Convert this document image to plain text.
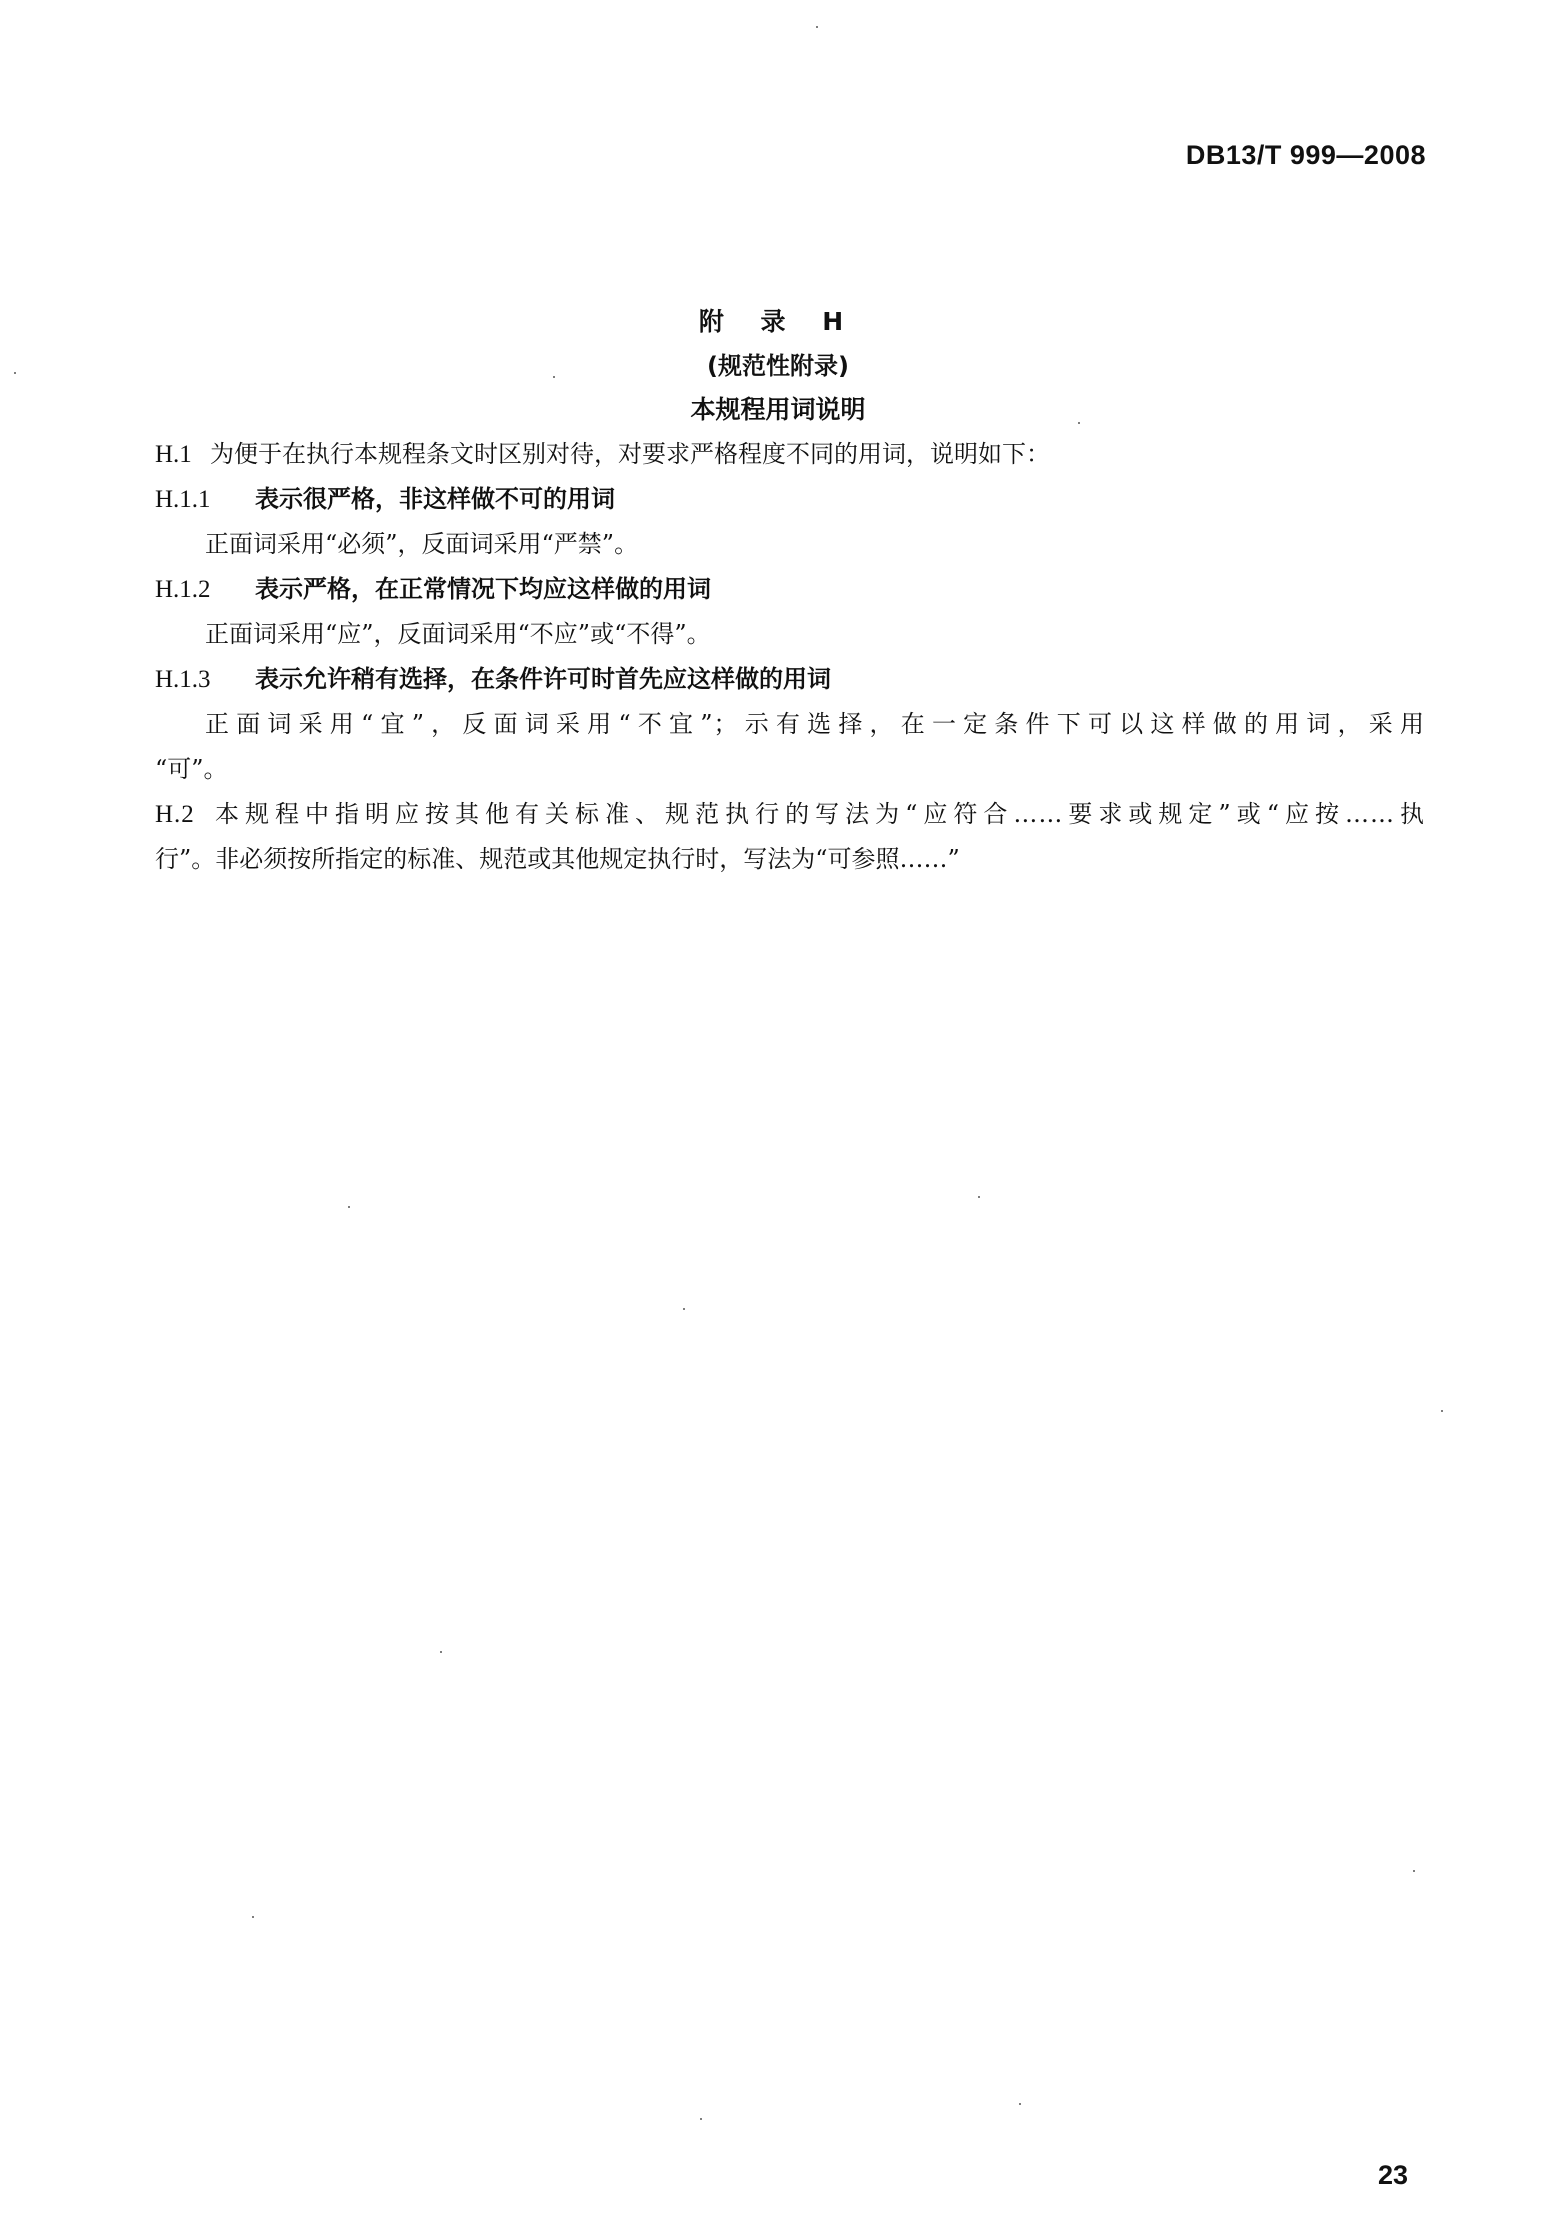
DB13/T 999—2008
附 录 H
(规范性附录)
本规程用词说明
H.1 为便于在执行本规程条文时区别对待，对要求严格程度不同的用词，说明如下：
H.1.1 表示很严格，非这样做不可的用词
正面词采用“必须”，反面词采用“严禁”。
H.1.2 表示严格，在正常情况下均应这样做的用词
正面词采用“应”，反面词采用“不应”或“不得”。
H.1.3 表示允许稍有选择，在条件许可时首先应这样做的用词
正面词采用“宜”，反面词采用“不宜”；示有选择，在一定条件下可以这样做的用词，采用
“可”。
H.2 本规程中指明应按其他有关标准、规范执行的写法为“应符合……要求或规定”或“应按……执
行”。非必须按所指定的标准、规范或其他规定执行时，写法为“可参照……”
23
